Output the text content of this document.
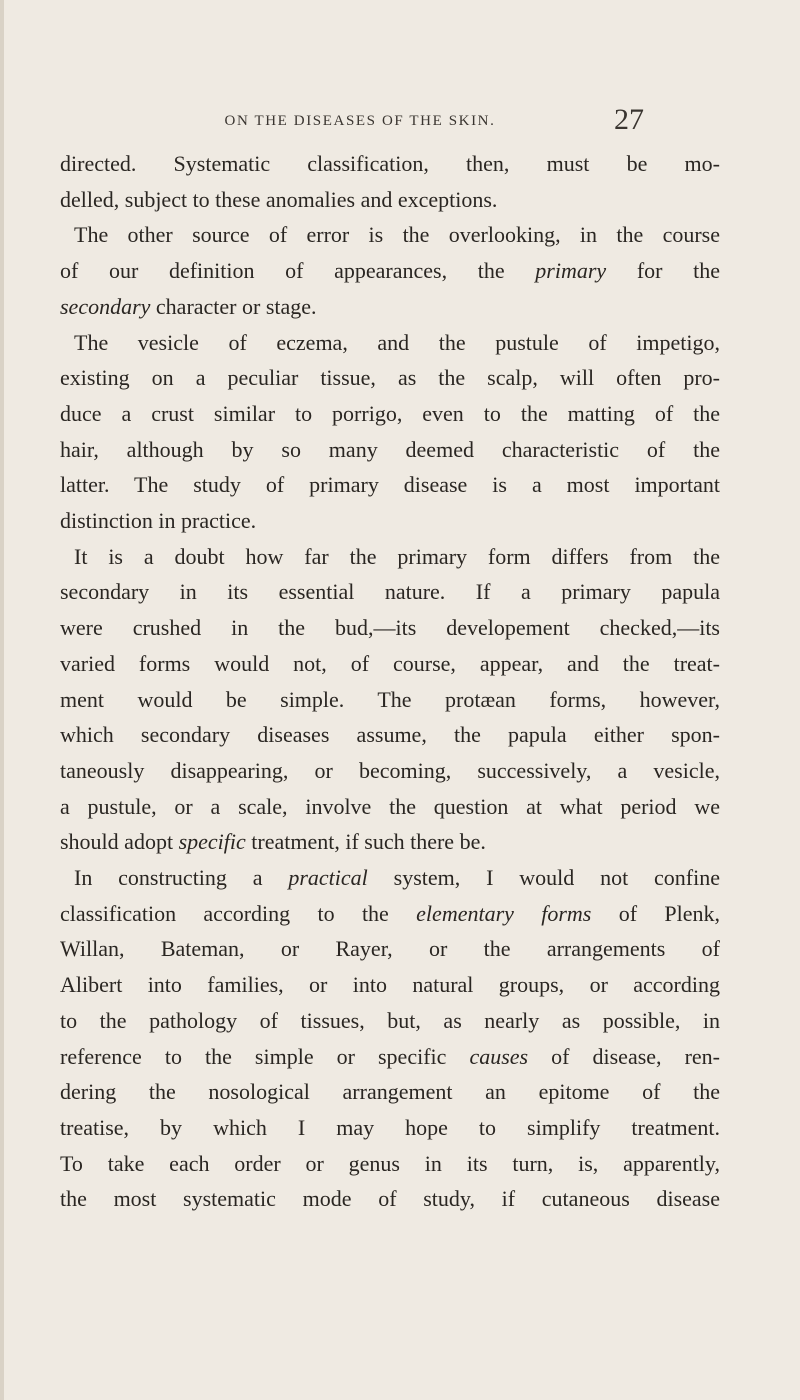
ON THE DISEASES OF THE SKIN.	27
directed. Systematic classification, then, must be mo-
delled, subject to these anomalies and exceptions.
The other source of error is the overlooking, in the course
of our definition of appearances, the primary for the
secondary character or stage.
The vesicle of eczema, and the pustule of impetigo,
existing on a peculiar tissue, as the scalp, will often pro-
duce a crust similar to porrigo, even to the matting of the
hair, although by so many deemed characteristic of the
latter. The study of primary disease is a most important
distinction in practice.
It is a doubt how far the primary form differs from the
secondary in its essential nature. If a primary papula
were crushed in the bud,—its developement checked,—its
varied forms would not, of course, appear, and the treat-
ment would be simple. The protæan forms, however,
which secondary diseases assume, the papula either spon-
taneously disappearing, or becoming, successively, a vesicle,
a pustule, or a scale, involve the question at what period we
should adopt specific treatment, if such there be.
In constructing a practical system, I would not confine
classification according to the elementary forms of Plenk,
Willan, Bateman, or Rayer, or the arrangements of
Alibert into families, or into natural groups, or according
to the pathology of tissues, but, as nearly as possible, in
reference to the simple or specific causes of disease, ren-
dering the nosological arrangement an epitome of the
treatise, by which I may hope to simplify treatment.
To take each order or genus in its turn, is, apparently,
the most systematic mode of study, if cutaneous disease
